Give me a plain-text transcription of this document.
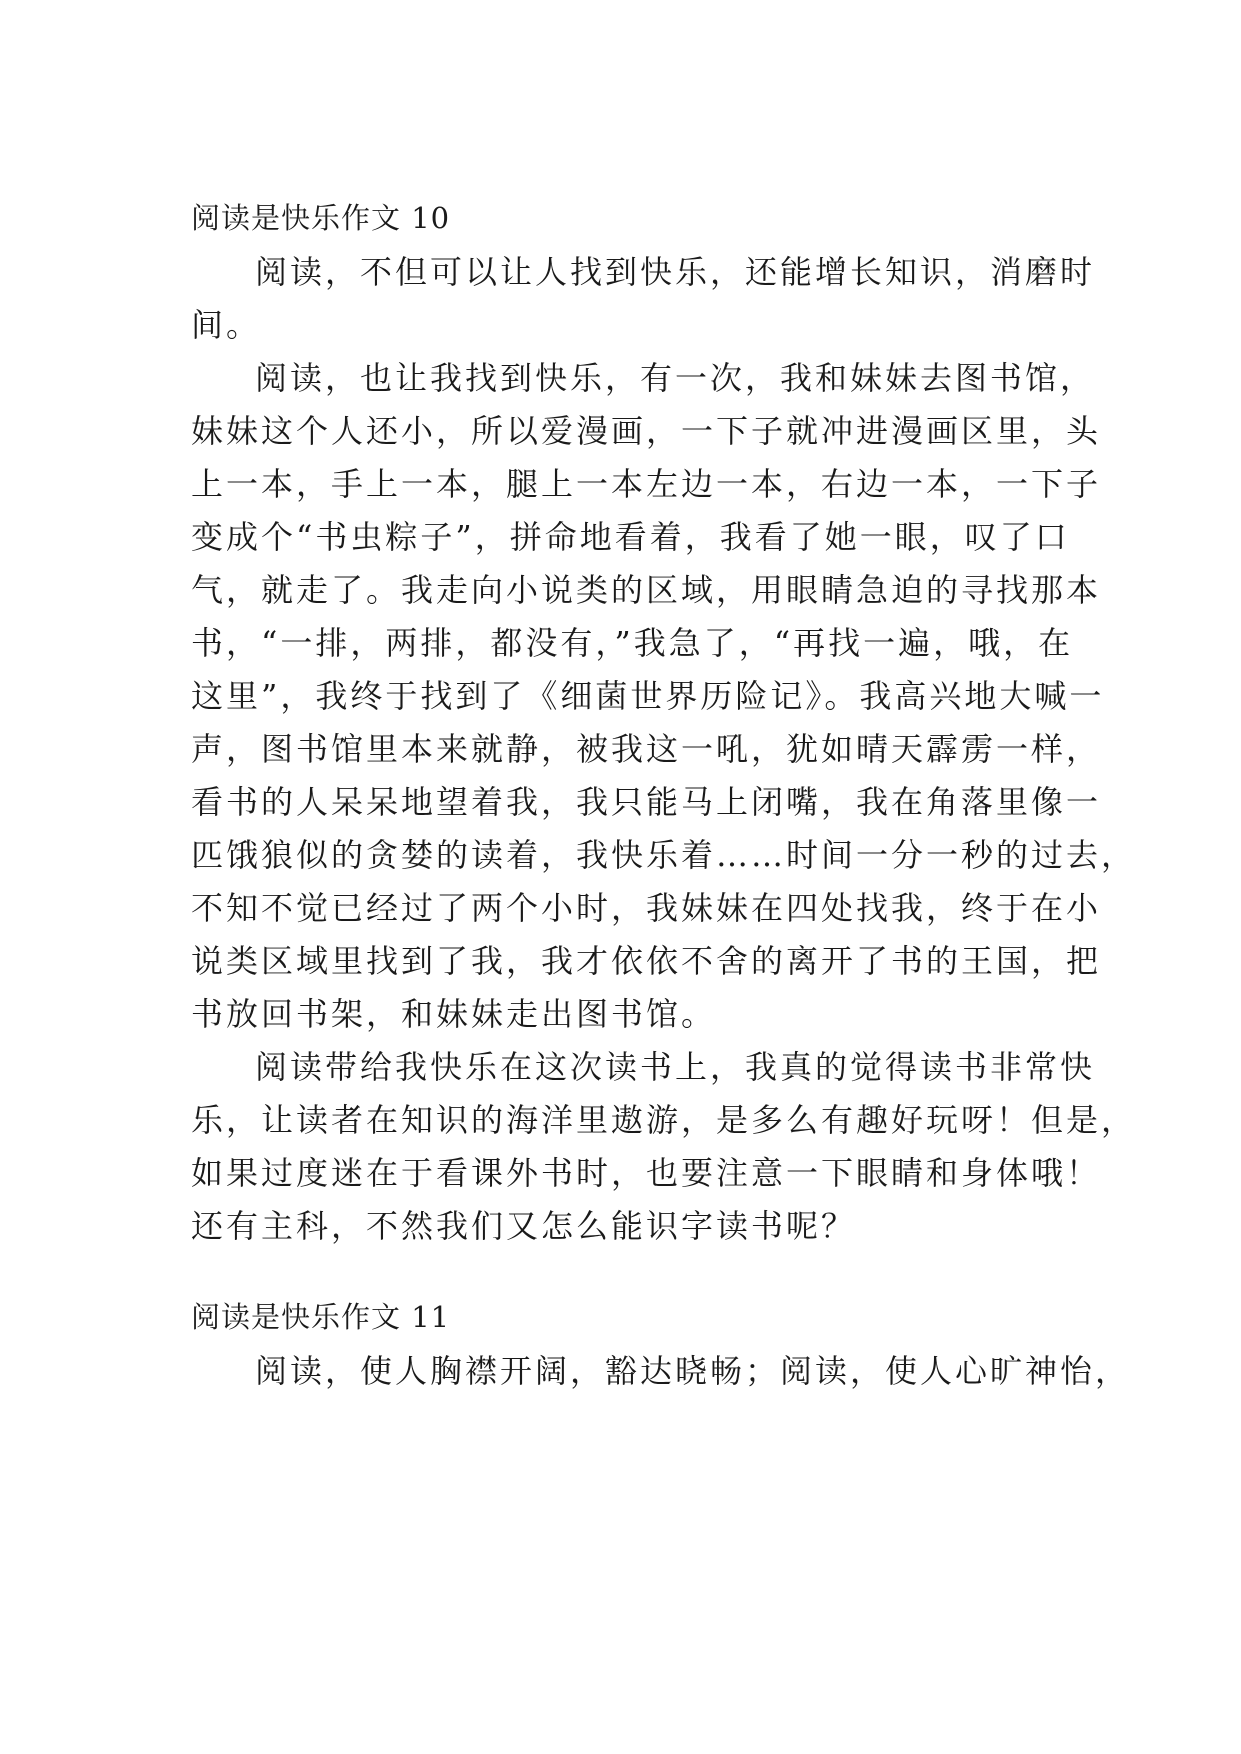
阅读是快乐作文 10
阅读，不但可以让人找到快乐，还能增长知识，消磨时
间。
阅读，也让我找到快乐，有一次，我和妹妹去图书馆，
妹妹这个人还小，所以爱漫画，一下子就冲进漫画区里，头
上一本，手上一本，腿上一本左边一本，右边一本，一下子
变成个“书虫粽子”，拼命地看着，我看了她一眼，叹了口
气，就走了。我走向小说类的区域，用眼睛急迫的寻找那本
书，“一排，两排，都没有，”我急了，“再找一遍，哦，在
这里”，我终于找到了《细菌世界历险记》。我高兴地大喊一
声，图书馆里本来就静，被我这一吼，犹如晴天霹雳一样，
看书的人呆呆地望着我，我只能马上闭嘴，我在角落里像一
匹饿狼似的贪婪的读着，我快乐着……时间一分一秒的过去，
不知不觉已经过了两个小时，我妹妹在四处找我，终于在小
说类区域里找到了我，我才依依不舍的离开了书的王国，把
书放回书架，和妹妹走出图书馆。
阅读带给我快乐在这次读书上，我真的觉得读书非常快
乐，让读者在知识的海洋里遨游，是多么有趣好玩呀！但是，
如果过度迷在于看课外书时，也要注意一下眼睛和身体哦！
还有主科，不然我们又怎么能识字读书呢？
阅读是快乐作文 11
阅读，使人胸襟开阔，豁达晓畅；阅读，使人心旷神怡，
